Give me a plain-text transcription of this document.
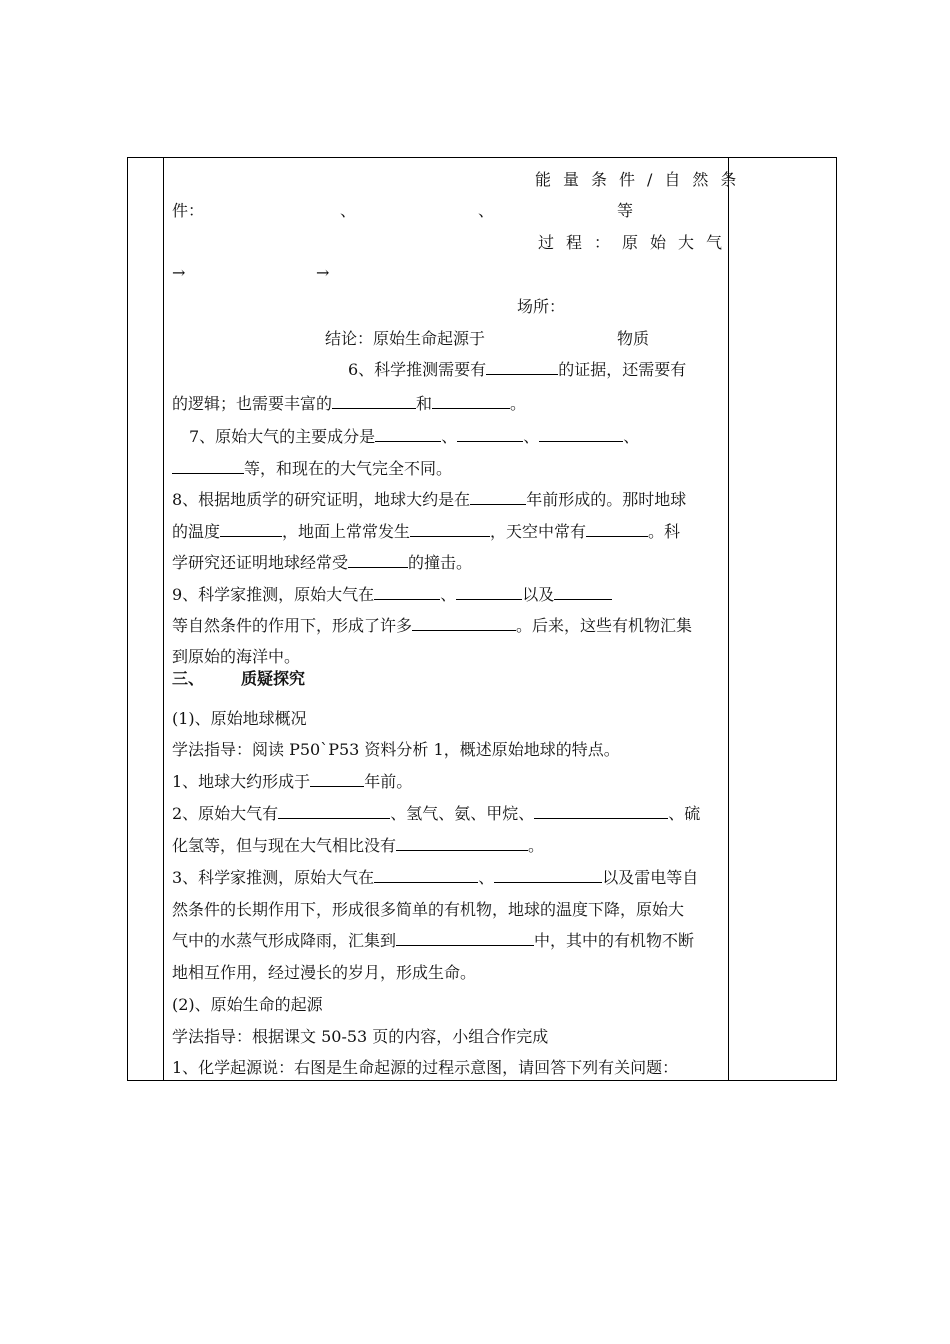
能量条件/自然条
件：	、	、	等
过程：原始大气
→	→
场所：
结论：原始生命起源于	物质
6、科学推测需要有	的证据，还需要有
的逻辑；也需要丰富的	和	。
7、原始大气的主要成分是	、	、	、
等，和现在的大气完全不同。
8、根据地质学的研究证明，地球大约是在	年前形成的。那时地球
的温度	，地面上常常发生	，天空中常有	。科
学研究还证明地球经常受	的撞击。
9、科学家推测，原始大气在	、	以及
等自然条件的作用下，形成了许多	。后来，这些有机物汇集
到原始的海洋中。
三、 质疑探究
(1)、原始地球概况
学法指导：阅读 P50`P53 资料分析 1，概述原始地球的特点。
1、地球大约形成于	年前。
2、原始大气有	、氢气、氨、甲烷、	、硫
化氢等，但与现在大气相比没有	。
3、科学家推测，原始大气在	、	以及雷电等自
然条件的长期作用下，形成很多简单的有机物，地球的温度下降，原始大
气中的水蒸气形成降雨，汇集到	中，其中的有机物不断
地相互作用，经过漫长的岁月，形成生命。
(2)、原始生命的起源
学法指导：根据课文 50-53 页的内容，小组合作完成
1、化学起源说：右图是生命起源的过程示意图，请回答下列有关问题：
